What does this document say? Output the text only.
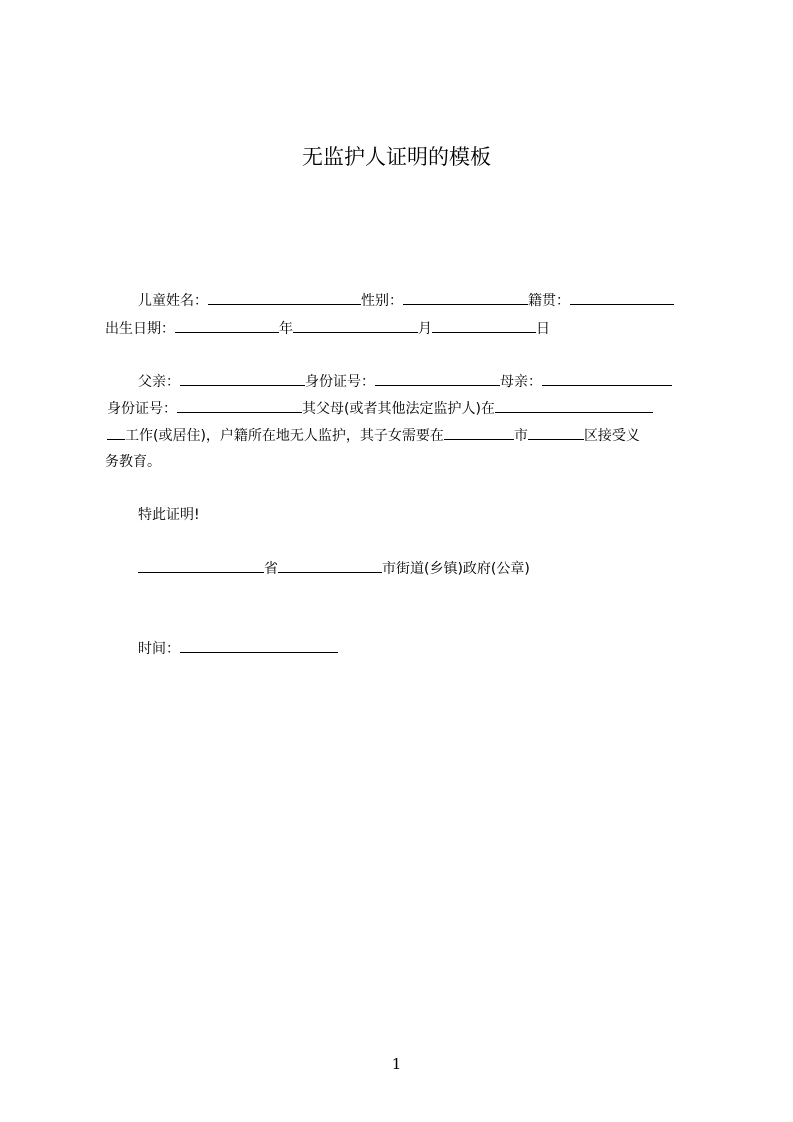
无监护人证明的模板
儿童姓名：	性别：	籍贯：
出生日期：	年	月	日
父亲：	身份证号：	母亲：
身份证号：	其父母(或者其他法定监护人)在
工作(或居住)，户籍所在地无人监护，其子女需要在	市	区接受义
务教育。
特此证明!
省	市街道(乡镇)政府(公章)
时间：
1
